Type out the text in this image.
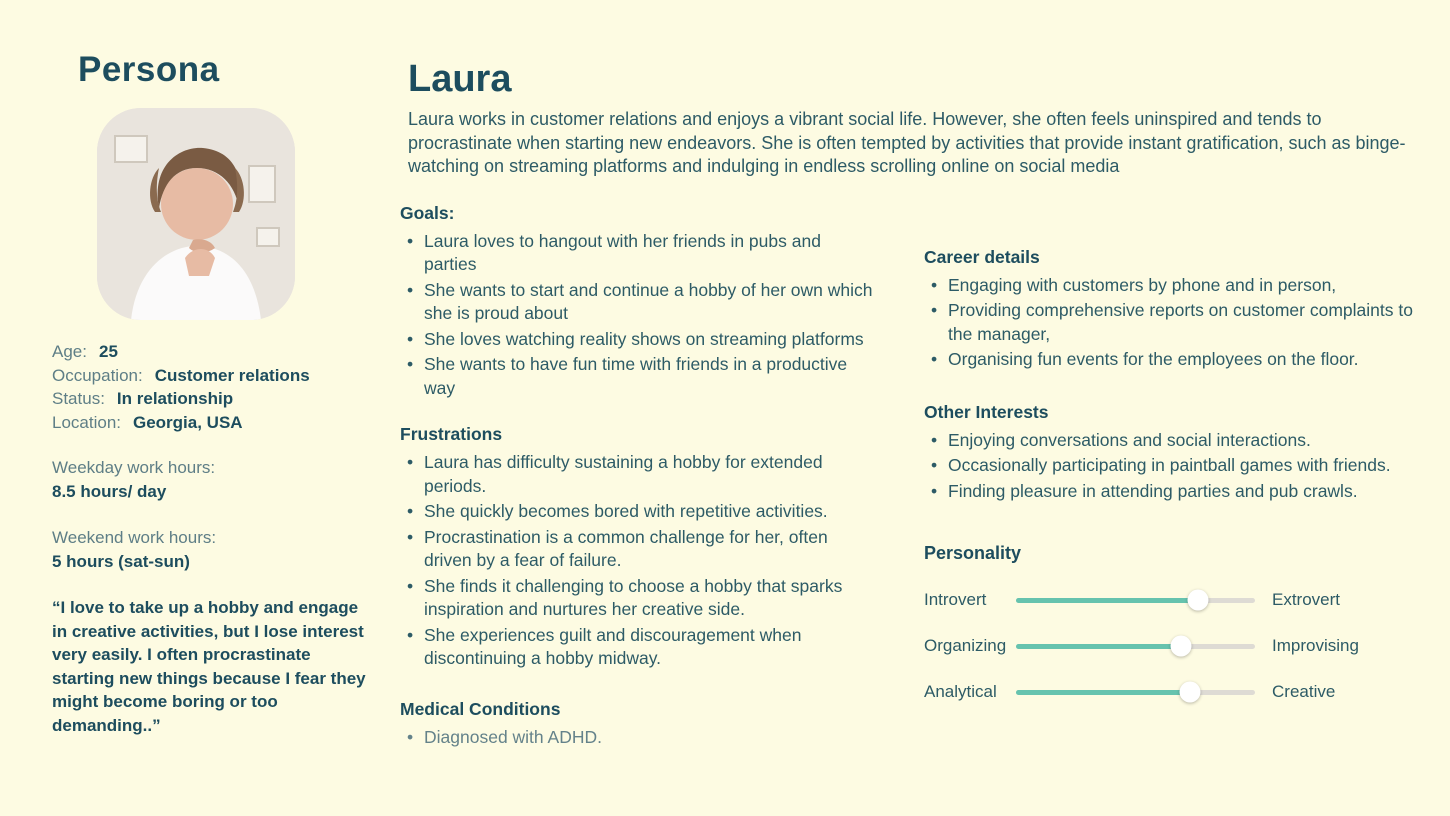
Persona
Age: 25
Occupation: Customer relations
Status: In relationship
Location: Georgia, USA
Weekday work hours:
8.5 hours/ day
Weekend work hours:
5 hours (sat-sun)
“I love to take up a hobby and engage in creative activities, but I lose interest very easily. I often procrastinate starting new things because I fear they might become boring or too demanding..”
Laura
Laura works in customer relations and enjoys a vibrant social life. However, she often feels uninspired and tends to procrastinate when starting new endeavors. She is often tempted by activities that provide instant gratification, such as binge-watching on streaming platforms and indulging in endless scrolling online on social media
Goals:
• Laura loves to hangout with her friends in pubs and parties
• She wants to start and continue a hobby of her own which she is proud about
• She loves watching reality shows on streaming platforms
• She wants to have fun time with friends in a productive way
Frustrations
• Laura has difficulty sustaining a hobby for extended periods.
• She quickly becomes bored with repetitive activities.
• Procrastination is a common challenge for her, often driven by a fear of failure.
• She finds it challenging to choose a hobby that sparks inspiration and nurtures her creative side.
• She experiences guilt and discouragement when discontinuing a hobby midway.
Medical Conditions
• Diagnosed with ADHD.
Career details
• Engaging with customers by phone and in person,
• Providing comprehensive reports on customer complaints to the manager,
• Organising fun events for the employees on the floor.
Other Interests
• Enjoying conversations and social interactions.
• Occasionally participating in paintball games with friends.
• Finding pleasure in attending parties and pub crawls.
Personality
Introvert	Extrovert
Organizing	Improvising
Analytical	Creative
